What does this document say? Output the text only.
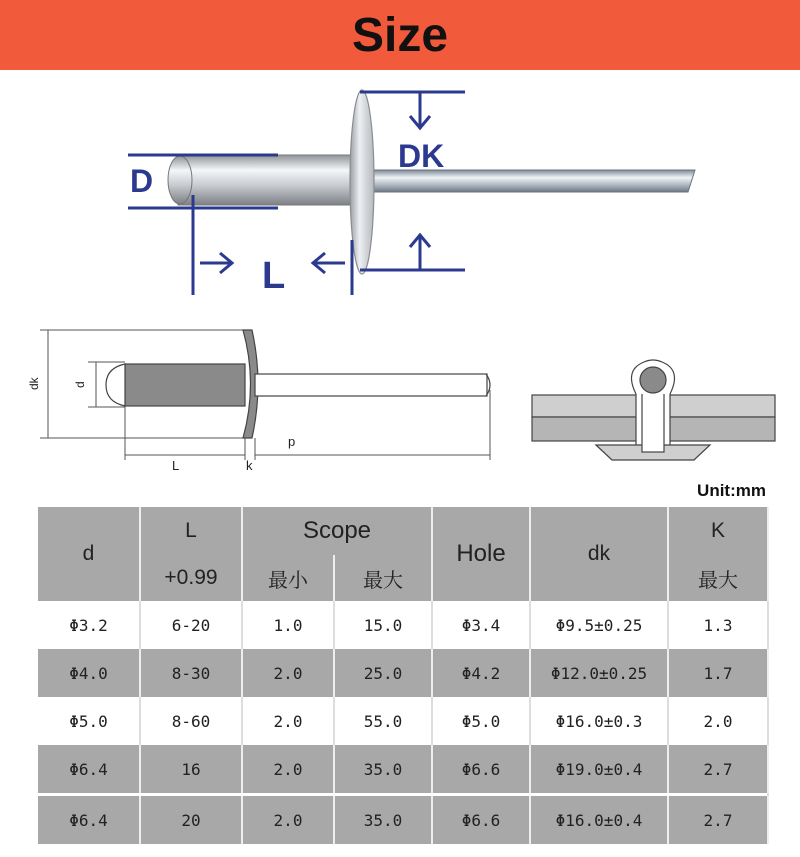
Size
D
DK
L
dk	d
L	k
p
Unit:mm
d	L	Scope		Hole	dk	K
	+0.99	最小	最大			最大
Φ3.2	6-20	1.0	15.0	Φ3.4	Φ9.5±0.25	1.3
Φ4.0	8-30	2.0	25.0	Φ4.2	Φ12.0±0.25	1.7
Φ5.0	8-60	2.0	55.0	Φ5.0	Φ16.0±0.3	2.0
Φ6.4	16	2.0	35.0	Φ6.6	Φ19.0±0.4	2.7

Φ6.4	20	2.0	35.0	Φ6.6	Φ16.0±0.4	2.7
